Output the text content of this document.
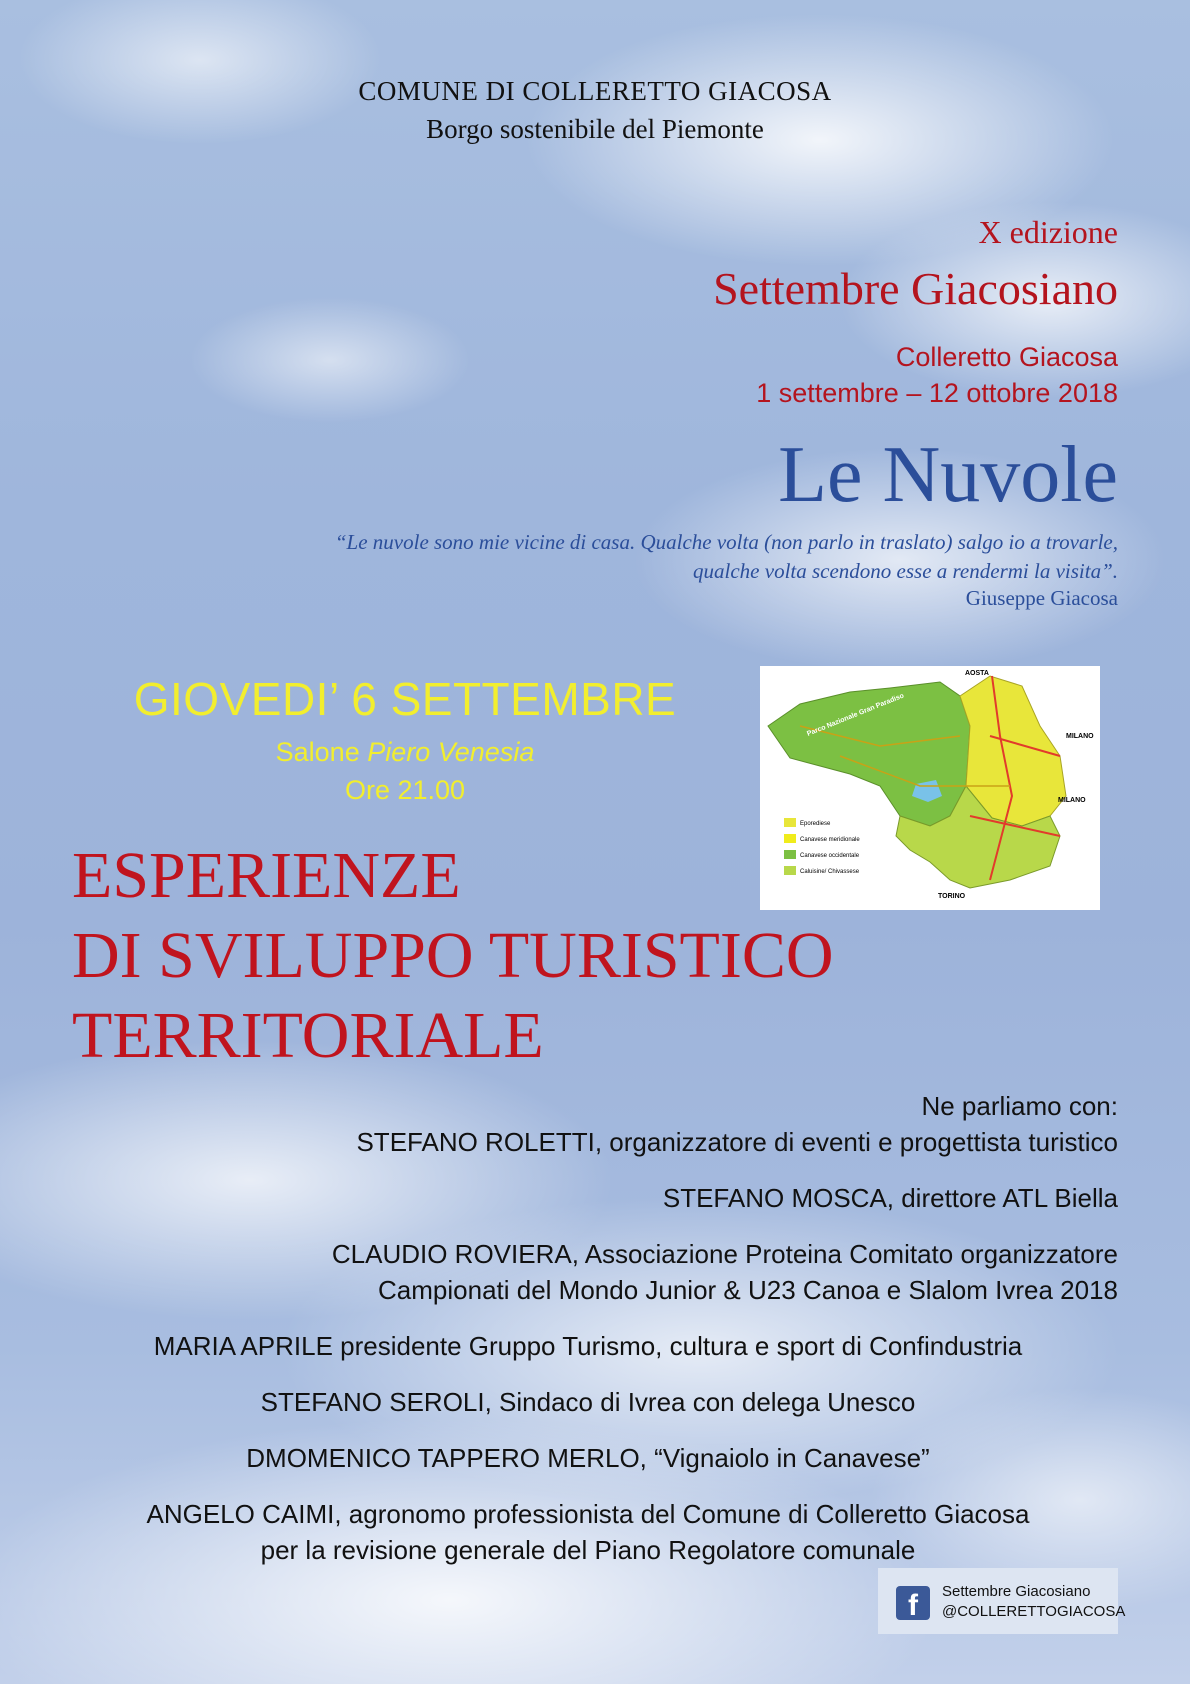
COMUNE DI COLLERETTO GIACOSA
Borgo sostenibile del Piemonte
X edizione
Settembre Giacosiano
Colleretto Giacosa
1 settembre – 12 ottobre 2018
Le Nuvole
“Le nuvole sono mie vicine di casa. Qualche volta (non parlo in traslato) salgo io a trovarle,
qualche volta scendono esse a rendermi la visita”.
Giuseppe Giacosa
GIOVEDI’ 6 SETTEMBRE
Salone Piero Venesia
Ore 21.00
ESPERIENZE
DI SVILUPPO TURISTICO
TERRITORIALE
AOSTA
MILANO
MILANO
TORINO
Parco Nazionale Gran Paradiso
Eporediese
Canavese meridionale
Canavese occidentale
Caluisine/ Chivassese
Ne parliamo con:
STEFANO ROLETTI, organizzatore di eventi e progettista turistico
STEFANO MOSCA, direttore ATL Biella
CLAUDIO ROVIERA, Associazione Proteina Comitato organizzatore
Campionati del Mondo Junior & U23 Canoa e Slalom Ivrea 2018
MARIA APRILE presidente Gruppo Turismo, cultura e sport di Confindustria
STEFANO SEROLI, Sindaco di Ivrea con delega Unesco
DMOMENICO TAPPERO MERLO, “Vignaiolo in Canavese”
ANGELO CAIMI, agronomo professionista del Comune di Colleretto Giacosa
per la revisione generale del Piano Regolatore comunale
f	Settembre Giacosiano
@COLLERETTOGIACOSA
